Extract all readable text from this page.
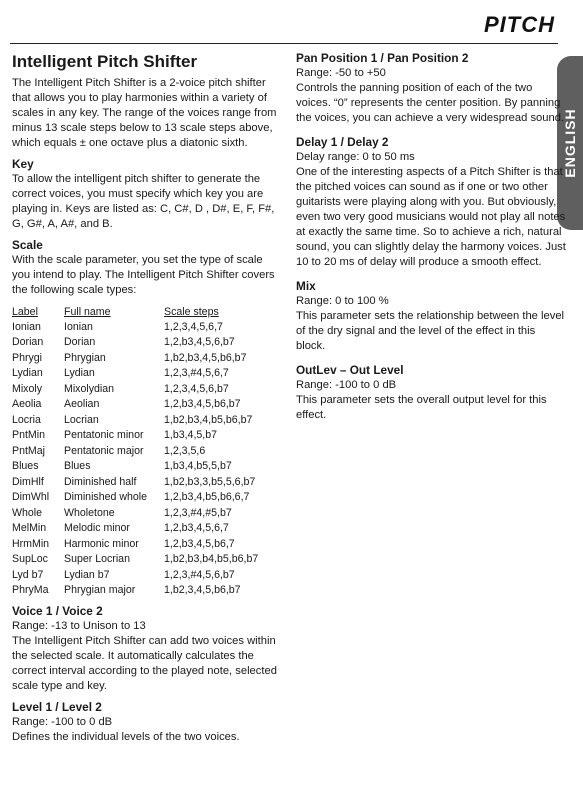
PITCH
ENGLISH
Intelligent Pitch Shifter

The Intelligent Pitch Shifter is a 2-voice pitch shifter that allows you to play harmonies within a variety of scales in any key. The range of the voices range from minus 13 scale steps below to 13 scale steps above, which equals ± one octave plus a diatonic sixth.

Key

To allow the intelligent pitch shifter to generate the correct voices, you must specify which key you are playing in. Keys are listed as: C, C#, D , D#, E, F, F#, G, G#, A, A#, and B.

Scale

With the scale parameter, you set the type of scale you intend to play. The Intelligent Pitch Shifter covers the following scale types:

Label	Full name	Scale steps
Ionian	Ionian	1,2,3,4,5,6,7
Dorian	Dorian	1,2,b3,4,5,6,b7
Phrygi	Phrygian	1,b2,b3,4,5,b6,b7
Lydian	Lydian	1,2,3,#4,5,6,7
Mixoly	Mixolydian	1,2,3,4,5,6,b7
Aeolia	Aeolian	1,2,b3,4,5,b6,b7
Locria	Locrian	1,b2,b3,4,b5,b6,b7
PntMin	Pentatonic minor	1,b3,4,5,b7
PntMaj	Pentatonic major	1,2,3,5,6
Blues	Blues	1,b3,4,b5,5,b7
DimHlf	Diminished half	1,b2,b3,3,b5,5,6,b7
DimWhl	Diminished whole	1,2,b3,4,b5,b6,6,7
Whole	Wholetone	1,2,3,#4,#5,b7
MelMin	Melodic minor	1,2,b3,4,5,6,7
HrmMin	Harmonic minor	1,2,b3,4,5,b6,7
SupLoc	Super Locrian	1,b2,b3,b4,b5,b6,b7
Lyd b7	Lydian b7	1,2,3,#4,5,6,b7
PhryMa	Phrygian major	1,b2,3,4,5,b6,b7
Voice 1 / Voice 2

Range: -13 to Unison to 13

The Intelligent Pitch Shifter can add two voices within the selected scale. It automatically calculates the correct interval according to the played note, selected scale type and key.

Level 1 / Level 2

Range: -100 to 0 dB

Defines the individual levels of the two voices.

Pan Position 1 / Pan Position 2

Range: -50 to +50

Controls the panning position of each of the two voices. “0” represents the center position. By panning the voices, you can achieve a very widespread sound.

Delay 1 / Delay 2

Delay range: 0 to 50 ms

One of the interesting aspects of a Pitch Shifter is that the pitched voices can sound as if one or two other guitarists were playing along with you. But obviously, even two very good musicians would not play all notes at exactly the same time. So to achieve a rich, natural sound, you can slightly delay the harmony voices. Just 10 to 20 ms of delay will produce a smooth effect.

Mix

Range: 0 to 100 %

This parameter sets the relationship between the level of the dry signal and the level of the effect in this block.

OutLev – Out Level

Range: -100 to 0 dB

This parameter sets the overall output level for this effect.
